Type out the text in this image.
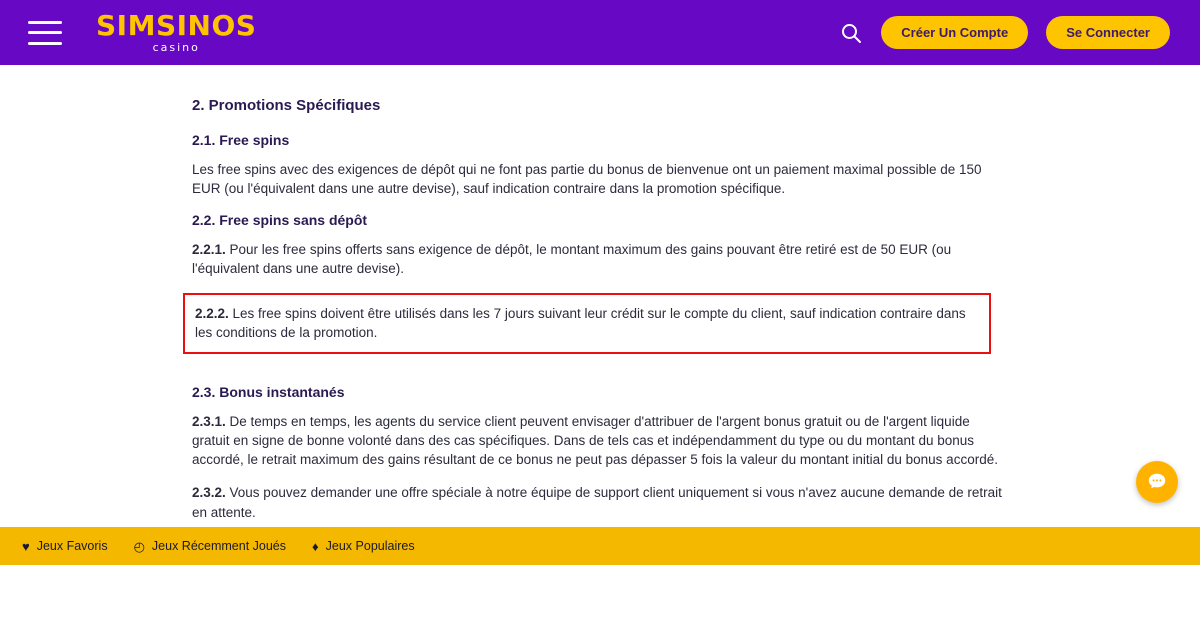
SIMSINOS
casino
Créer Un Compte	Se Connecter
2. Promotions Spécifiques
2.1. Free spins

Les free spins avec des exigences de dépôt qui ne font pas partie du bonus de bienvenue ont un paiement maximal possible de 150 EUR (ou l'équivalent dans une autre devise), sauf indication contraire dans la promotion spécifique.

2.2. Free spins sans dépôt

2.2.1. Pour les free spins offerts sans exigence de dépôt, le montant maximum des gains pouvant être retiré est de 50 EUR (ou l'équivalent dans une autre devise).

2.2.2. Les free spins doivent être utilisés dans les 7 jours suivant leur crédit sur le compte du client, sauf indication contraire dans les conditions de la promotion.

2.3. Bonus instantanés

2.3.1. De temps en temps, les agents du service client peuvent envisager d'attribuer de l'argent bonus gratuit ou de l'argent liquide gratuit en signe de bonne volonté dans des cas spécifiques. Dans de tels cas et indépendamment du type ou du montant du bonus accordé, le retrait maximum des gains résultant de ce bonus ne peut pas dépasser 5 fois la valeur du montant initial du bonus accordé.

2.3.2. Vous pouvez demander une offre spéciale à notre équipe de support client uniquement si vous n'avez aucune demande de retrait en attente.

♥ Jeux Favoris ◴ Jeux Récemment Joués ♦ Jeux Populaires
